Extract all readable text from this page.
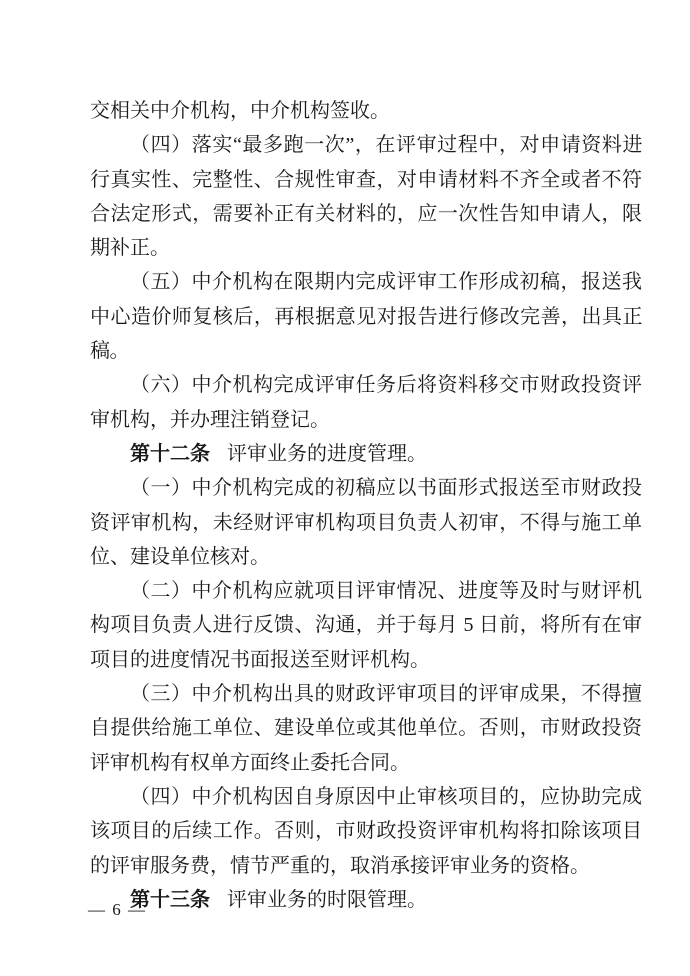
交相关中介机构，中介机构签收。
（四）落实“最多跑一次”，在评审过程中，对申请资料进
行真实性、完整性、合规性审查，对申请材料不齐全或者不符
合法定形式，需要补正有关材料的，应一次性告知申请人，限
期补正。
（五）中介机构在限期内完成评审工作形成初稿，报送我
中心造价师复核后，再根据意见对报告进行修改完善，出具正稿。
（六）中介机构完成评审任务后将资料移交市财政投资评
审机构，并办理注销登记。
第十二条 评审业务的进度管理。
（一）中介机构完成的初稿应以书面形式报送至市财政投
资评审机构，未经财评审机构项目负责人初审，不得与施工单
位、建设单位核对。
（二）中介机构应就项目评审情况、进度等及时与财评机
构项目负责人进行反馈、沟通，并于每月 5 日前，将所有在审
项目的进度情况书面报送至财评机构。
（三）中介机构出具的财政评审项目的评审成果，不得擅
自提供给施工单位、建设单位或其他单位。否则，市财政投资
评审机构有权单方面终止委托合同。
（四）中介机构因自身原因中止审核项目的，应协助完成
该项目的后续工作。否则，市财政投资评审机构将扣除该项目
的评审服务费，情节严重的，取消承接评审业务的资格。
第十三条 评审业务的时限管理。
— 6 —
